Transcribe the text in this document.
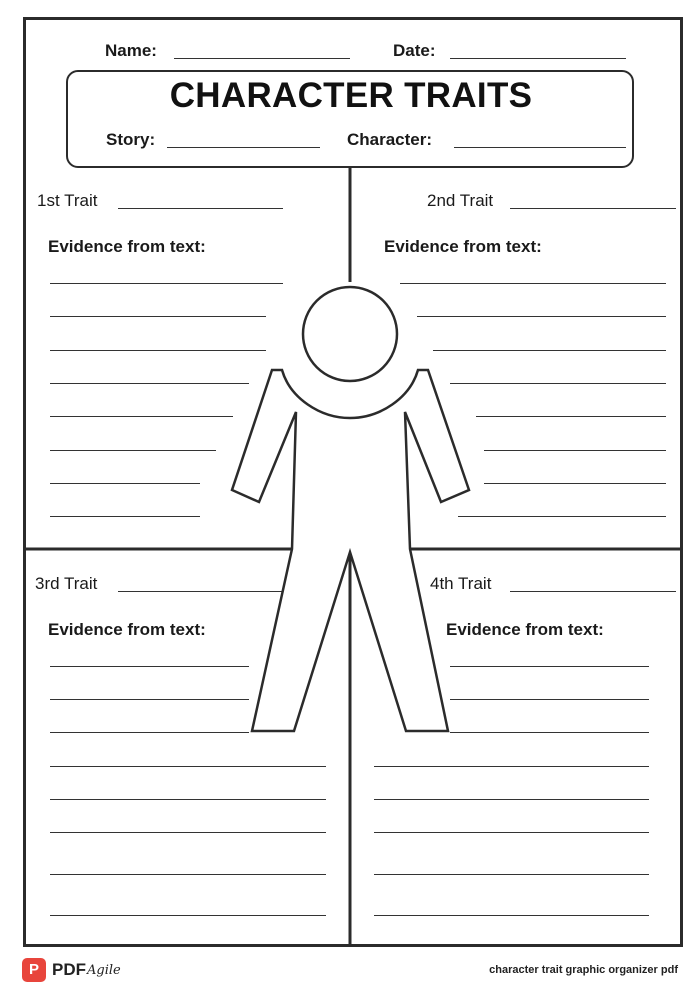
Name:	Date:
CHARACTER TRAITS
Story:	Character:
1st Trait
Evidence from text:
2nd Trait
Evidence from text:
3rd Trait
Evidence from text:
4th Trait
Evidence from text:
P PDF Agile	character trait graphic organizer pdf
